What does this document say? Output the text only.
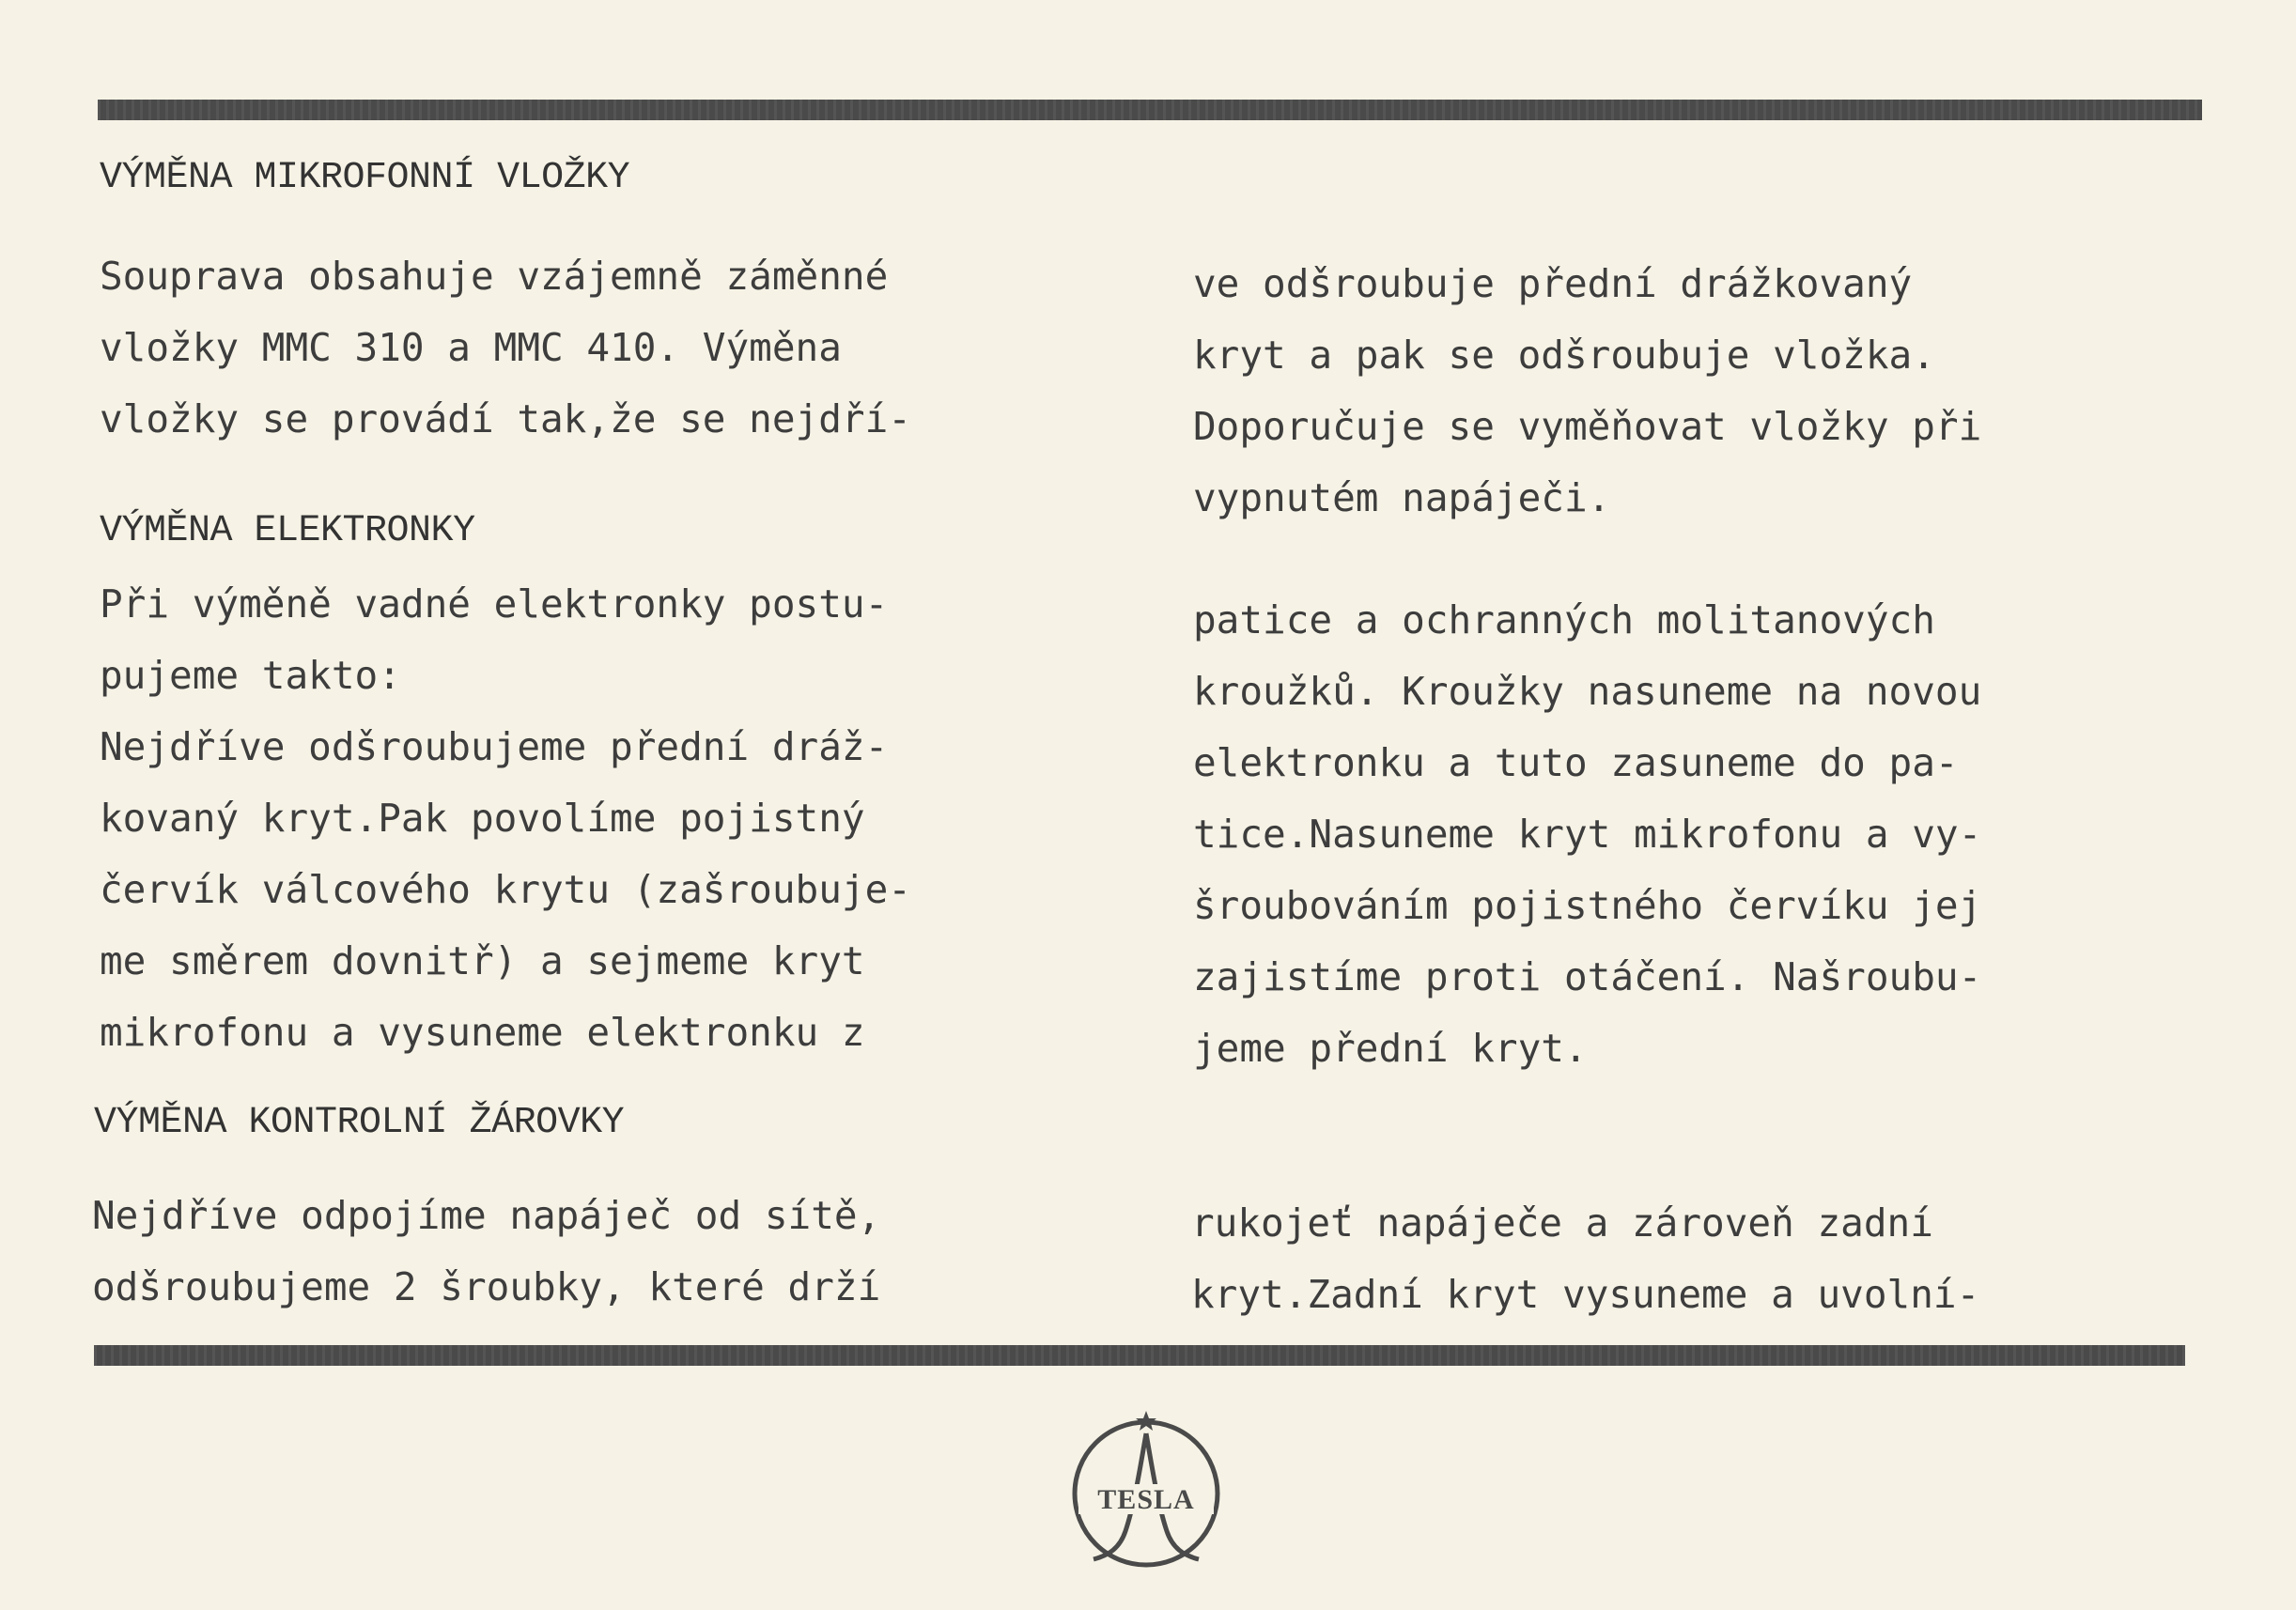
VÝMĚNA MIKROFONNÍ VLOŽKY
Souprava obsahuje vzájemně záměnné
vložky MMC 310 a MMC 410. Výměna
vložky se provádí tak,že se nejdří-
ve odšroubuje přední drážkovaný
kryt a pak se odšroubuje vložka.
Doporučuje se vyměňovat vložky při
vypnutém napáječi.
VÝMĚNA ELEKTRONKY
Při výměně vadné elektronky postu-
pujeme takto:
Nejdříve odšroubujeme přední dráž-
kovaný kryt.Pak povolíme pojistný
červík válcového krytu (zašroubuje-
me směrem dovnitř) a sejmeme kryt
mikrofonu a vysuneme elektronku z
patice a ochranných molitanových
kroužků. Kroužky nasuneme na novou
elektronku a tuto zasuneme do pa-
tice.Nasuneme kryt mikrofonu a vy-
šroubováním pojistného červíku jej
zajistíme proti otáčení. Našroubu-
jeme přední kryt.
VÝMĚNA KONTROLNÍ ŽÁROVKY
Nejdříve odpojíme napáječ od sítě,
odšroubujeme 2 šroubky, které drží
rukojeť napáječe a zároveň zadní
kryt.Zadní kryt vysuneme a uvolní-
TESLA
